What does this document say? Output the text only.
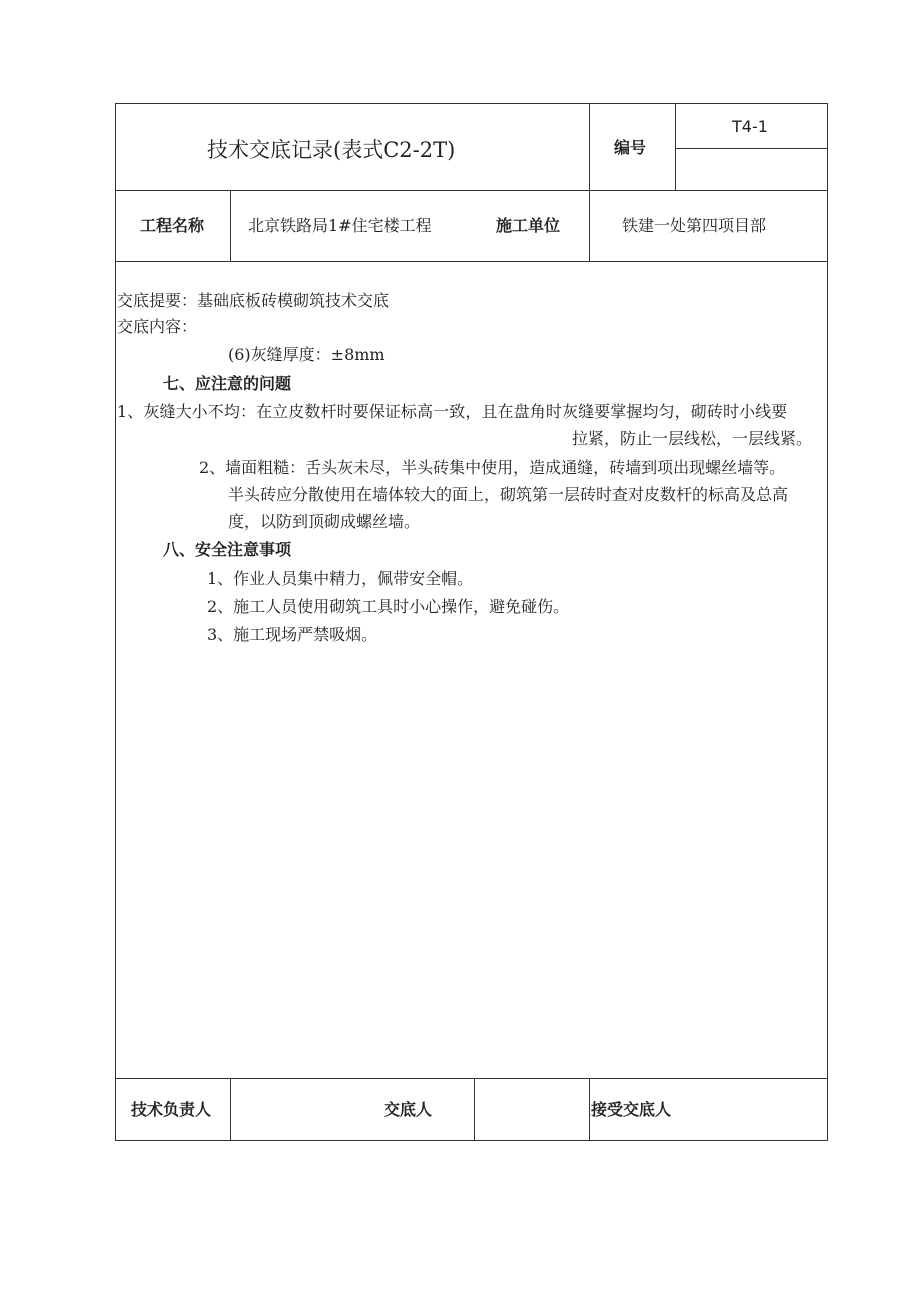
技术交底记录(表式C2-2T)	编号
T4-1
工程名称	北京铁路局1#住宅楼工程	施工单位	铁建一处第四项目部
交底提要：基础底板砖模砌筑技术交底
交底内容：
(6)灰缝厚度：±8mm
七、应注意的问题
1、灰缝大小不均：在立皮数杆时要保证标高一致，且在盘角时灰缝要掌握均匀，砌砖时小线要
拉紧，防止一层线松，一层线紧。
2、墙面粗糙：舌头灰未尽，半头砖集中使用，造成通缝，砖墙到项出现螺丝墙等。
半头砖应分散使用在墙体较大的面上，砌筑第一层砖时查对皮数杆的标高及总高
度，以防到顶砌成螺丝墙。
八、安全注意事项
1、作业人员集中精力，佩带安全帽。
2、施工人员使用砌筑工具时小心操作，避免碰伤。
3、施工现场严禁吸烟。
技术负责人	交底人	接受交底人
